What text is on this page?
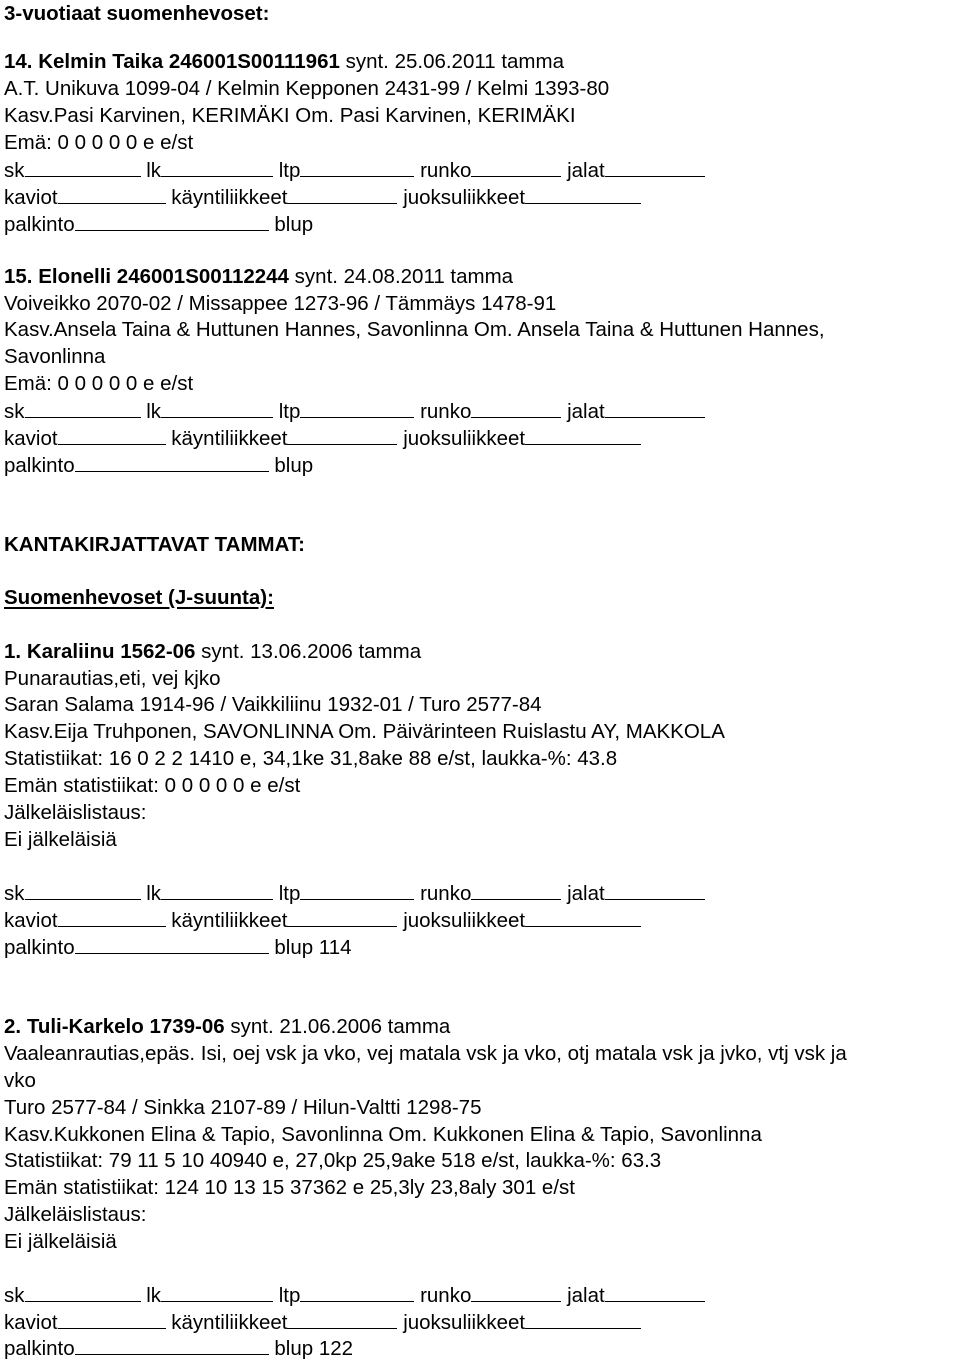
3-vuotiaat suomenhevoset:
14. Kelmin Taika 246001S00111961 synt. 25.06.2011 tamma
A.T. Unikuva 1099-04 / Kelmin Kepponen 2431-99 / Kelmi 1393-80
Kasv.Pasi Karvinen, KERIMÄKI Om. Pasi Karvinen, KERIMÄKI
Emä: 0 0 0 0 0 e e/st
sk	lk	ltp	runko	jalat
kaviot	käyntiliikkeet	juoksuliikkeet
palkinto	blup
15. Elonelli 246001S00112244 synt. 24.08.2011 tamma
Voiveikko 2070-02 / Missappee 1273-96 / Tämmäys 1478-91
Kasv.Ansela Taina & Huttunen Hannes, Savonlinna Om. Ansela Taina & Huttunen Hannes,
Savonlinna
Emä: 0 0 0 0 0 e e/st
sk	lk	ltp	runko	jalat
kaviot	käyntiliikkeet	juoksuliikkeet
palkinto	blup
KANTAKIRJATTAVAT TAMMAT:
Suomenhevoset (J-suunta):
1. Karaliinu 1562-06 synt. 13.06.2006 tamma
Punarautias,eti, vej kjko
Saran Salama 1914-96 / Vaikkiliinu 1932-01 / Turo 2577-84
Kasv.Eija Truhponen, SAVONLINNA Om. Päivärinteen Ruislastu AY, MAKKOLA
Statistiikat: 16 0 2 2 1410 e, 34,1ke 31,8ake 88 e/st, laukka-%: 43.8
Emän statistiikat: 0 0 0 0 0 e e/st
Jälkeläislistaus:
Ei jälkeläisiä
sk	lk	ltp	runko	jalat
kaviot	käyntiliikkeet	juoksuliikkeet
palkinto	blup 114
2. Tuli-Karkelo 1739-06 synt. 21.06.2006 tamma
Vaaleanrautias,epäs. Isi, oej vsk ja vko, vej matala vsk ja vko, otj matala vsk ja jvko, vtj vsk ja
vko
Turo 2577-84 / Sinkka 2107-89 / Hilun-Valtti 1298-75
Kasv.Kukkonen Elina & Tapio, Savonlinna Om. Kukkonen Elina & Tapio, Savonlinna
Statistiikat: 79 11 5 10 40940 e, 27,0kp 25,9ake 518 e/st, laukka-%: 63.3
Emän statistiikat: 124 10 13 15 37362 e 25,3ly 23,8aly 301 e/st
Jälkeläislistaus:
Ei jälkeläisiä
sk	lk	ltp	runko	jalat
kaviot	käyntiliikkeet	juoksuliikkeet
palkinto	blup 122
